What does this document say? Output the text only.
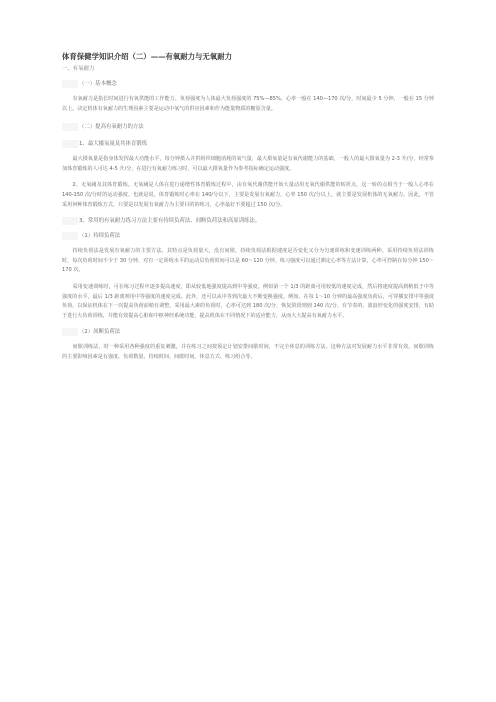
体育保健学知识介绍（二）——有氧耐力与无氧耐力
一、有氧耐力
（一）基本概念

有氧耐力是指长时间进行有氧供能的工作能力。负荷强度为人体最大负荷强度的 75%—85%，心率一般在 140—170 次/分，时间最少 5 分钟，一般在 15 分钟以上。决定机体有氧耐力的生理因素主要是运动中氧气的供应因素和作为能量物质的糖原含量。

（二）提高有氧耐力的方法
1、最大摄氧量及其体育锻炼

最大摄氧量是指身体发挥最大功能水平，每分钟摄入并供组织细胞消耗的氧气量，最大摄氧量是有氧代谢能力的基础，一般人的最大摄氧量为 2-3 升/分，经常参加体育锻炼的人可达 4-5 升/分，在进行有氧耐力练习时，可以最大摄氧量作为参考指标确定运动强度。

2、无氧阈及其体育锻炼。无氧阈是人体在进行递增性体育锻炼过程中，由有氧代谢供能开始大量动用无氧代谢供能的转折点，这一转的点相当于一般人心率在 140-150 次/分时的运动强度。也就是说，体育锻炼时心率在 140/分以下，主要是发展有氧耐力，心率 150 次/分以上，就主要是发展机体的无氧耐力。因此，不管采用何种体育锻炼方式，只要是以发展有氧耐力为主要目的的练习，心率最好不要超过 150 次/分。

3、常用的有氧耐力练习方法主要有持续负荷法、间断负荷法和高原训练法。
（1）持续负荷法

持续负荷法是发展有氧耐力的主要方法。其特点是负荷量大，没有间歇，持续负荷法根据速度是否变化又分为匀速训练和变速训练两种。采用持续负荷法训练时，每次负荷时间不少于 30 分钟，对有一定训练水平的运动员负荷时间可以是 60～120 分钟。练习强度可以通过测定心率等方法计算，心率可控制在每分钟 150～170 次。

采用变速训练时，可在练习过程中逐步提高速度，即从较低地强度提高到中等强度。例如第一个 1/3 的距离可用较低的速度完成，然后将速度提高到稍低于中等强度的水平，最后 1/3 距离则用中等强度的速度完成。此外，还可以从中等到次最大不断变换强度。例如，在每 1～10 分钟的最高强度负荷后，可穿插安排中等强度负荷，以保证机体在下一次提高负荷前稍有调整。采用最大素的负荷时，心率可达到 180 次/分，恢复阶段则到 140 次/分。有节奏的、波浪形变化的强度安排，有助于进行大负荷训练，并能有效提高心脏和中枢神经系统功能，提高机体在不同情况下的适应能力，从而大大提高有氧耐力水平。

（2）间断负荷法

间歇训练法，时一种采用各种强度的重复刺激，并在练习之间按预定计划安排间歇时间，不完全休息的训练方法。这种方法对发展耐力水平非常有效。间歇训练的主要影响因素是有强度、负荷数量、持续时间、间歇时间、休息方式、练习组合等。
